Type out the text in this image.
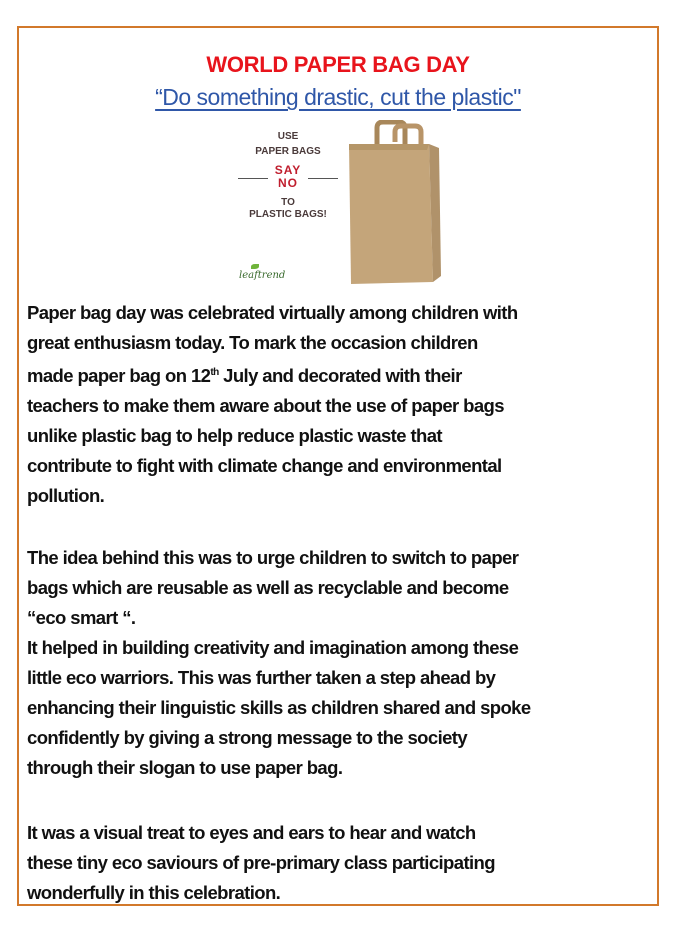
WORLD PAPER BAG DAY
“Do something drastic, cut the plastic"
USE
PAPER BAGS
SAY
NO
TO
PLASTIC BAGS!
leaftrend

Paper bag day was celebrated virtually among children with

great enthusiasm today. To mark the occasion children

made paper bag on 12th July and decorated with their

teachers to make them aware about the use of paper bags

unlike plastic bag to help reduce plastic waste that

contribute to fight with climate change and environmental

pollution.

The idea behind this was to urge children to switch to paper

bags which are reusable as well as recyclable and become

“eco smart “.

It helped in building creativity and imagination among these

little eco warriors. This was further taken a step ahead by

enhancing their linguistic skills as children shared and spoke

confidently by giving a strong message to the society

through their slogan to use paper bag.

It was a visual treat to eyes and ears to hear and watch

these tiny eco saviours of pre-primary class participating

wonderfully in this celebration.
